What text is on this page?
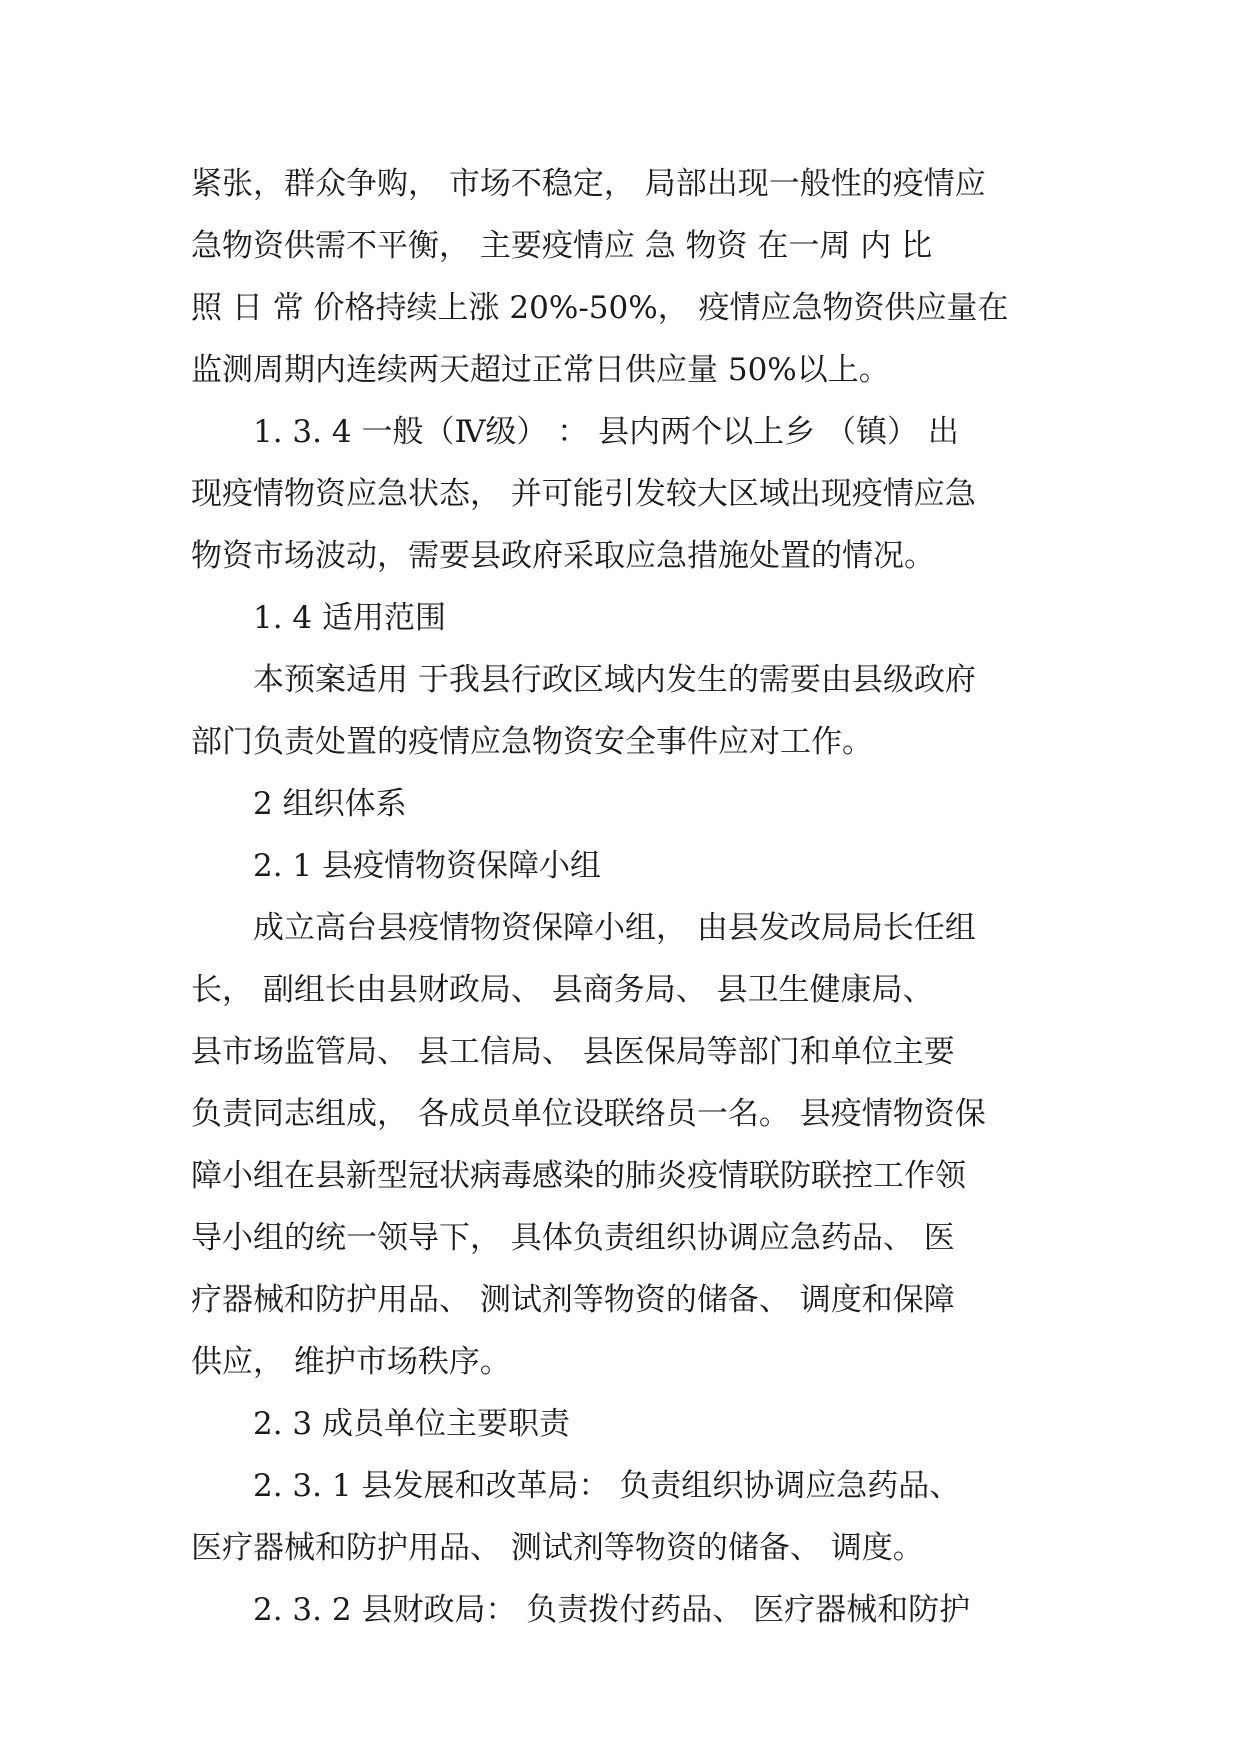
紧张，群众争购， 市场不稳定， 局部出现一般性的疫情应
急物资供需不平衡， 主要疫情应 急 物资 在一周 内 比
照 日 常 价格持续上涨 20%-50%， 疫情应急物资供应量在
监测周期内连续两天超过正常日供应量 50%以上。
1. 3. 4 一般（Ⅳ级） ： 县内两个以上乡 （镇） 出
现疫情物资应急状态， 并可能引发较大区域出现疫情应急
物资市场波动，需要县政府采取应急措施处置的情况。
1. 4 适用范围
本预案适用 于我县行政区域内发生的需要由县级政府
部门负责处置的疫情应急物资安全事件应对工作。
2 组织体系
2. 1 县疫情物资保障小组
成立高台县疫情物资保障小组， 由县发改局局长任组
长， 副组长由县财政局、 县商务局、 县卫生健康局、
县市场监管局、 县工信局、 县医保局等部门和单位主要
负责同志组成， 各成员单位设联络员一名。 县疫情物资保
障小组在县新型冠状病毒感染的肺炎疫情联防联控工作领
导小组的统一领导下， 具体负责组织协调应急药品、 医
疗器械和防护用品、 测试剂等物资的储备、 调度和保障
供应， 维护市场秩序。
2. 3 成员单位主要职责
2. 3. 1 县发展和改革局： 负责组织协调应急药品、
医疗器械和防护用品、 测试剂等物资的储备、 调度。
2. 3. 2 县财政局： 负责拨付药品、 医疗器械和防护
